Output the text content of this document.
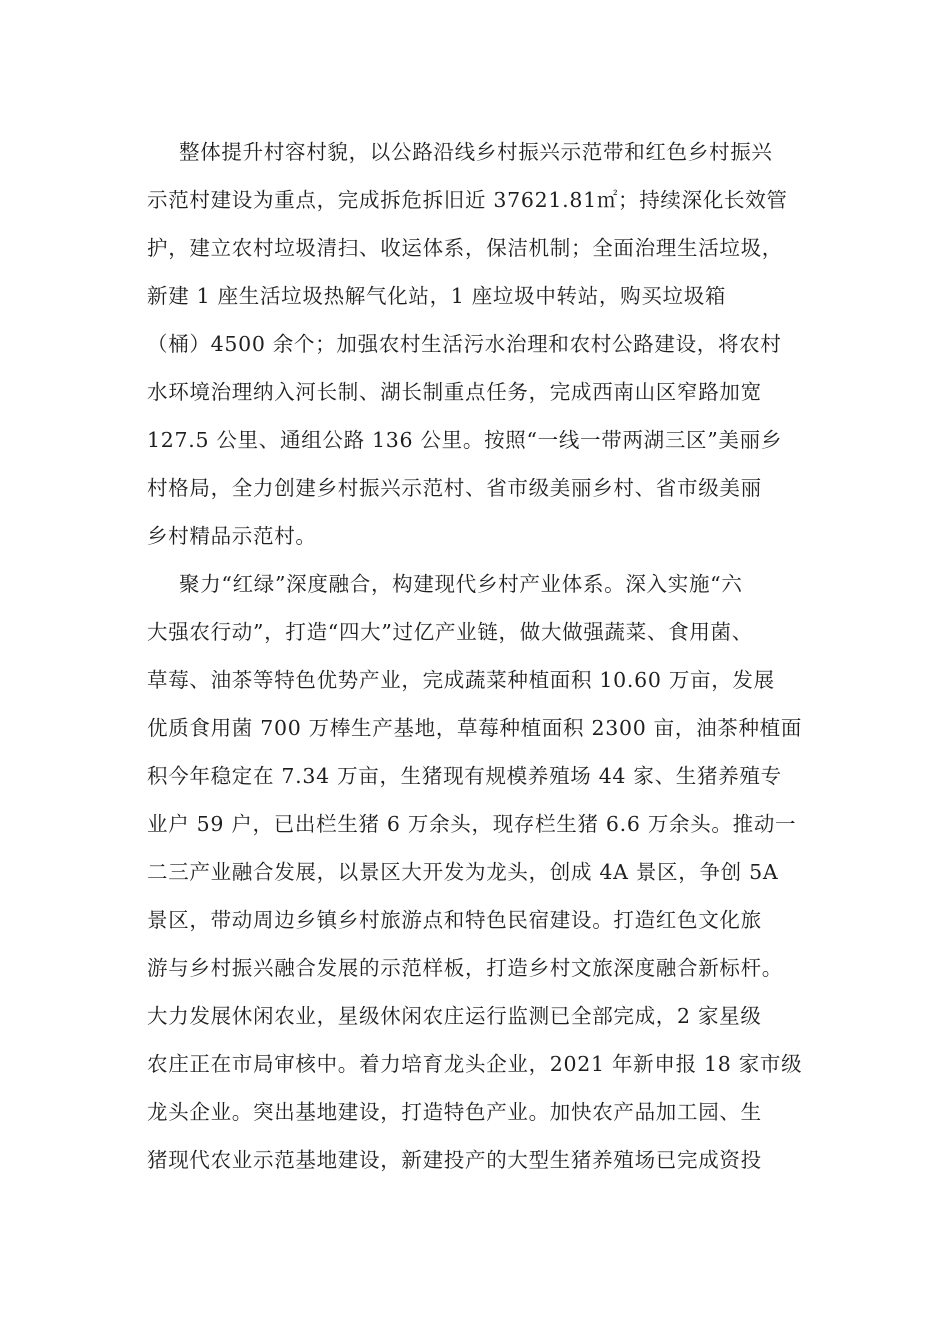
整体提升村容村貌，以公路沿线乡村振兴示范带和红色乡村振兴
示范村建设为重点，完成拆危拆旧近 37621.81㎡；持续深化长效管
护，建立农村垃圾清扫、收运体系，保洁机制；全面治理生活垃圾，
新建 1 座生活垃圾热解气化站，1 座垃圾中转站，购买垃圾箱
（桶）4500 余个；加强农村生活污水治理和农村公路建设，将农村
水环境治理纳入河长制、湖长制重点任务，完成西南山区窄路加宽
127.5 公里、通组公路 136 公里。按照“一线一带两湖三区”美丽乡
村格局，全力创建乡村振兴示范村、省市级美丽乡村、省市级美丽
乡村精品示范村。
聚力“红绿”深度融合，构建现代乡村产业体系。深入实施“六
大强农行动”，打造“四大”过亿产业链，做大做强蔬菜、食用菌、
草莓、油茶等特色优势产业，完成蔬菜种植面积 10.60 万亩，发展
优质食用菌 700 万棒生产基地，草莓种植面积 2300 亩，油茶种植面
积今年稳定在 7.34 万亩，生猪现有规模养殖场 44 家、生猪养殖专
业户 59 户，已出栏生猪 6 万余头，现存栏生猪 6.6 万余头。推动一
二三产业融合发展，以景区大开发为龙头，创成 4A 景区，争创 5A
景区，带动周边乡镇乡村旅游点和特色民宿建设。打造红色文化旅
游与乡村振兴融合发展的示范样板，打造乡村文旅深度融合新标杆。
大力发展休闲农业，星级休闲农庄运行监测已全部完成，2 家星级
农庄正在市局审核中。着力培育龙头企业，2021 年新申报 18 家市级
龙头企业。突出基地建设，打造特色产业。加快农产品加工园、生
猪现代农业示范基地建设，新建投产的大型生猪养殖场已完成资投
